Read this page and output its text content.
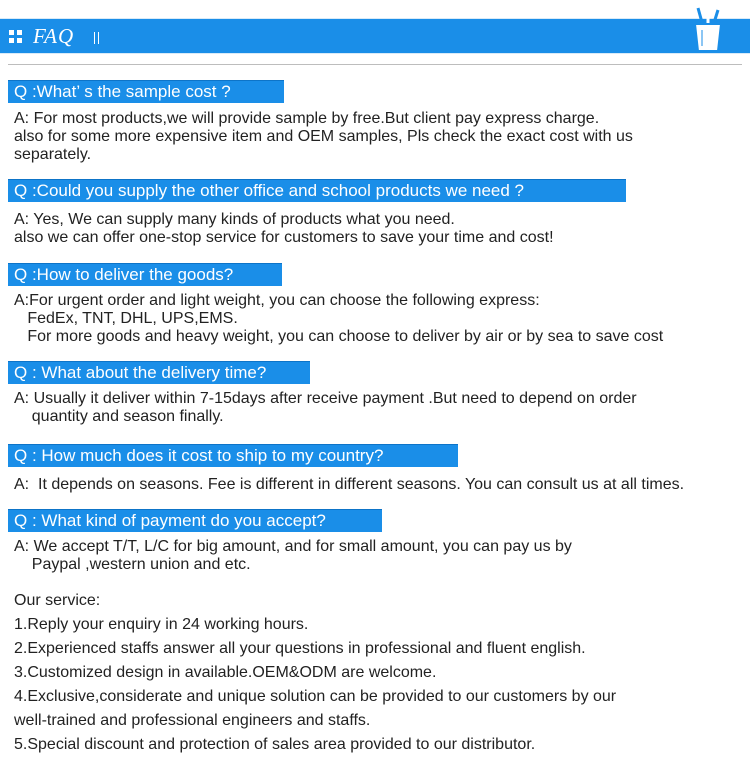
FAQ
Q :What’ s the sample cost ?
A: For most products,we will provide sample by free.But client pay express charge.
also for some more expensive item and OEM samples, Pls check the exact cost with us
separately.
Q :Could you supply the other office and school products we need ?
A: Yes, We can supply many kinds of products what you need.
also we can offer one-stop service for customers to save your time and cost!
Q :How to deliver the goods?
A:For urgent order and light weight, you can choose the following express:
FedEx, TNT, DHL, UPS,EMS.
For more goods and heavy weight, you can choose to deliver by air or by sea to save cost
Q : What about the delivery time?
A: Usually it deliver within 7-15days after receive payment .But need to depend on order
quantity and season finally.
Q : How much does it cost to ship to my country?
A:  It depends on seasons. Fee is different in different seasons. You can consult us at all times.
Q : What kind of payment do you accept?
A: We accept T/T, L/C for big amount, and for small amount, you can pay us by
Paypal ,western union and etc.
Our service:
1.Reply your enquiry in 24 working hours.
2.Experienced staffs answer all your questions in professional and fluent english.
3.Customized design in available.OEM&ODM are welcome.
4.Exclusive,considerate and unique solution can be provided to our customers by our
well-trained and professional engineers and staffs.
5.Special discount and protection of sales area provided to our distributor.
